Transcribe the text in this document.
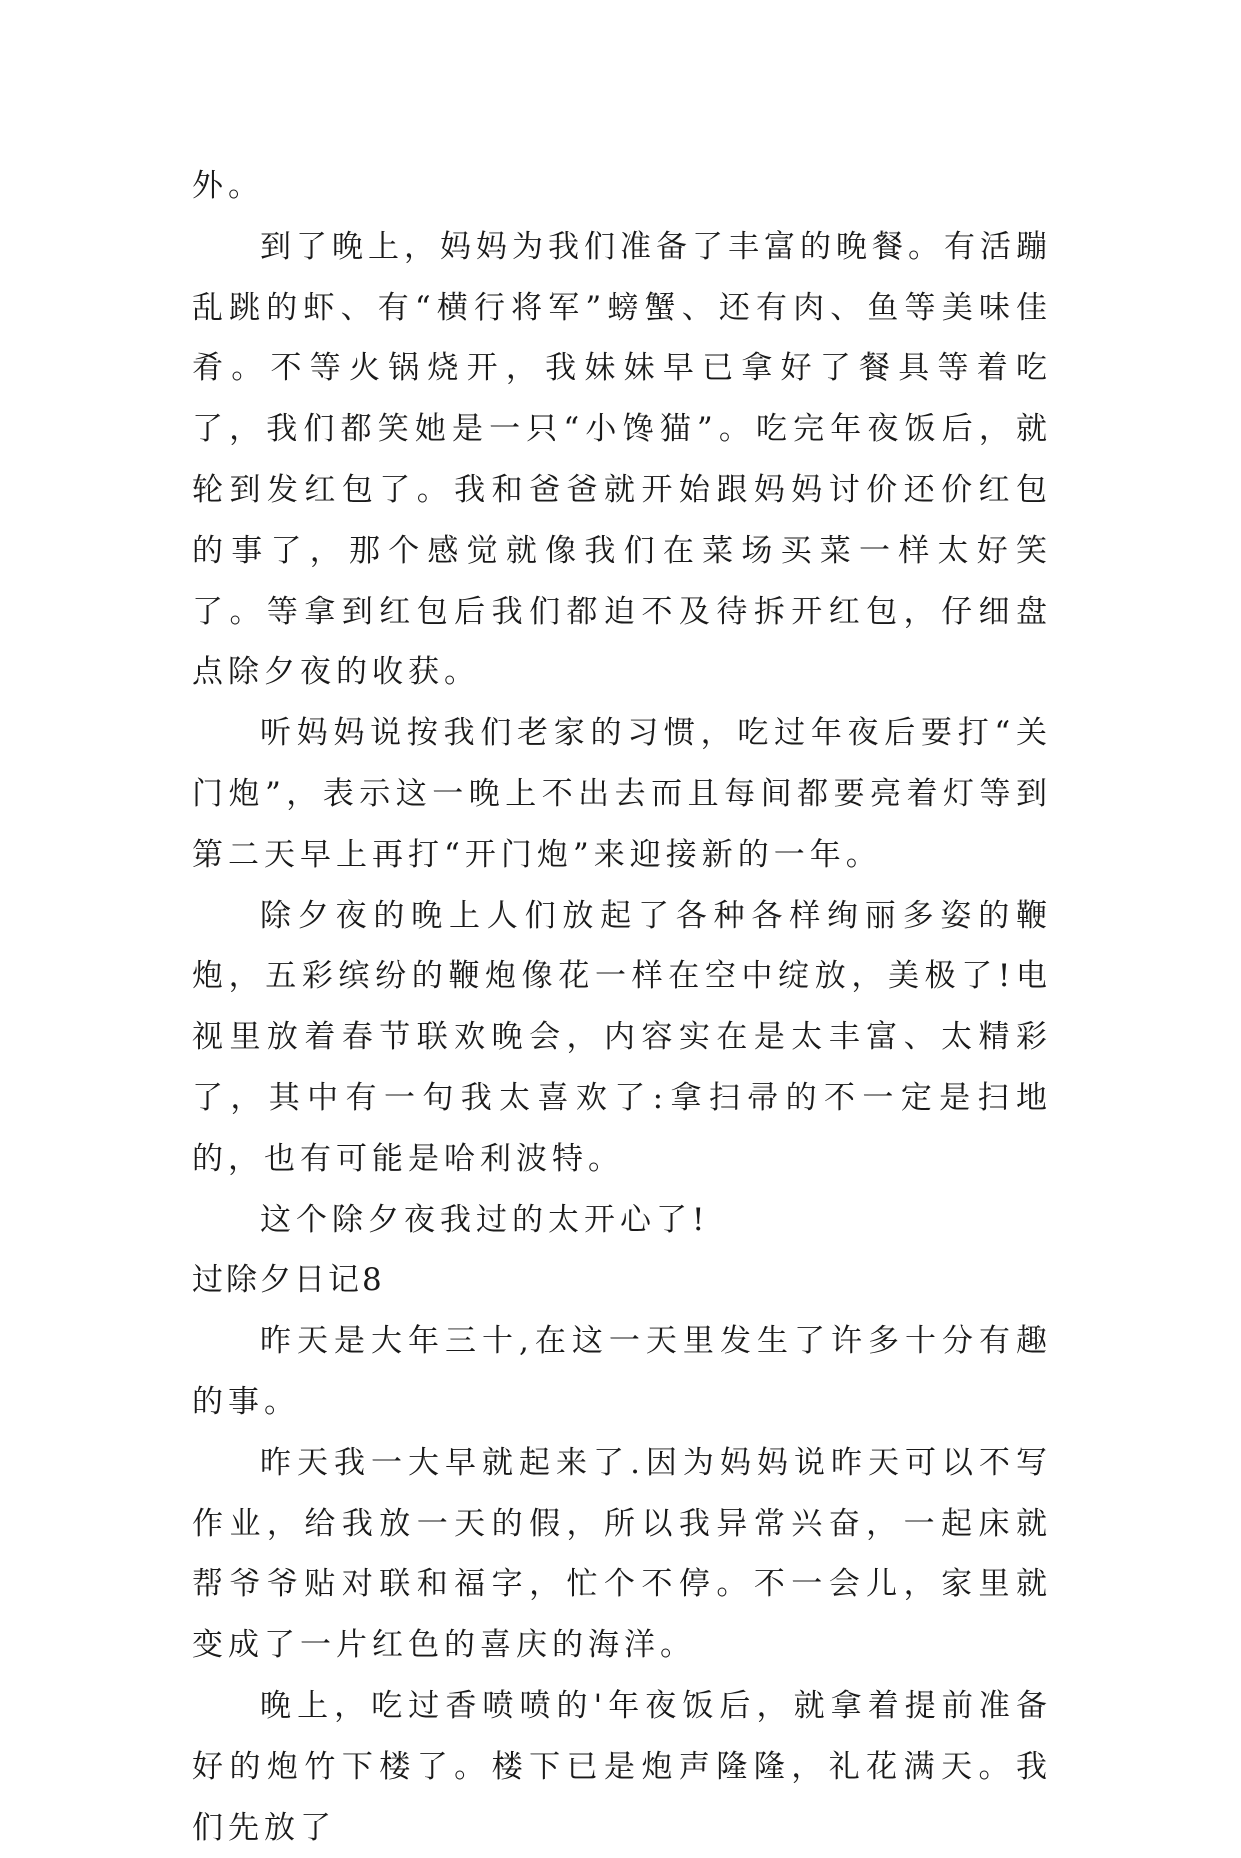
外。

到了晚上，妈妈为我们准备了丰富的晚餐。有活蹦乱跳的虾、有“横行将军”螃蟹、还有肉、鱼等美味佳肴。不等火锅烧开，我妹妹早已拿好了餐具等着吃了，我们都笑她是一只“小馋猫”。吃完年夜饭后，就轮到发红包了。我和爸爸就开始跟妈妈讨价还价红包的事了，那个感觉就像我们在菜场买菜一样太好笑了。等拿到红包后我们都迫不及待拆开红包，仔细盘点除夕夜的收获。

听妈妈说按我们老家的习惯，吃过年夜后要打“关门炮”，表示这一晚上不出去而且每间都要亮着灯等到第二天早上再打“开门炮”来迎接新的一年。

除夕夜的晚上人们放起了各种各样绚丽多姿的鞭炮，五彩缤纷的鞭炮像花一样在空中绽放，美极了!电视里放着春节联欢晚会，内容实在是太丰富、太精彩了，其中有一句我太喜欢了:拿扫帚的不一定是扫地的，也有可能是哈利波特。

这个除夕夜我过的太开心了!

过除夕日记8

昨天是大年三十,在这一天里发生了许多十分有趣的事。

昨天我一大早就起来了.因为妈妈说昨天可以不写作业，给我放一天的假，所以我异常兴奋，一起床就帮爷爷贴对联和福字，忙个不停。不一会儿，家里就变成了一片红色的喜庆的海洋。

晚上，吃过香喷喷的'年夜饭后，就拿着提前准备好的炮竹下楼了。楼下已是炮声隆隆，礼花满天。我们先放了
